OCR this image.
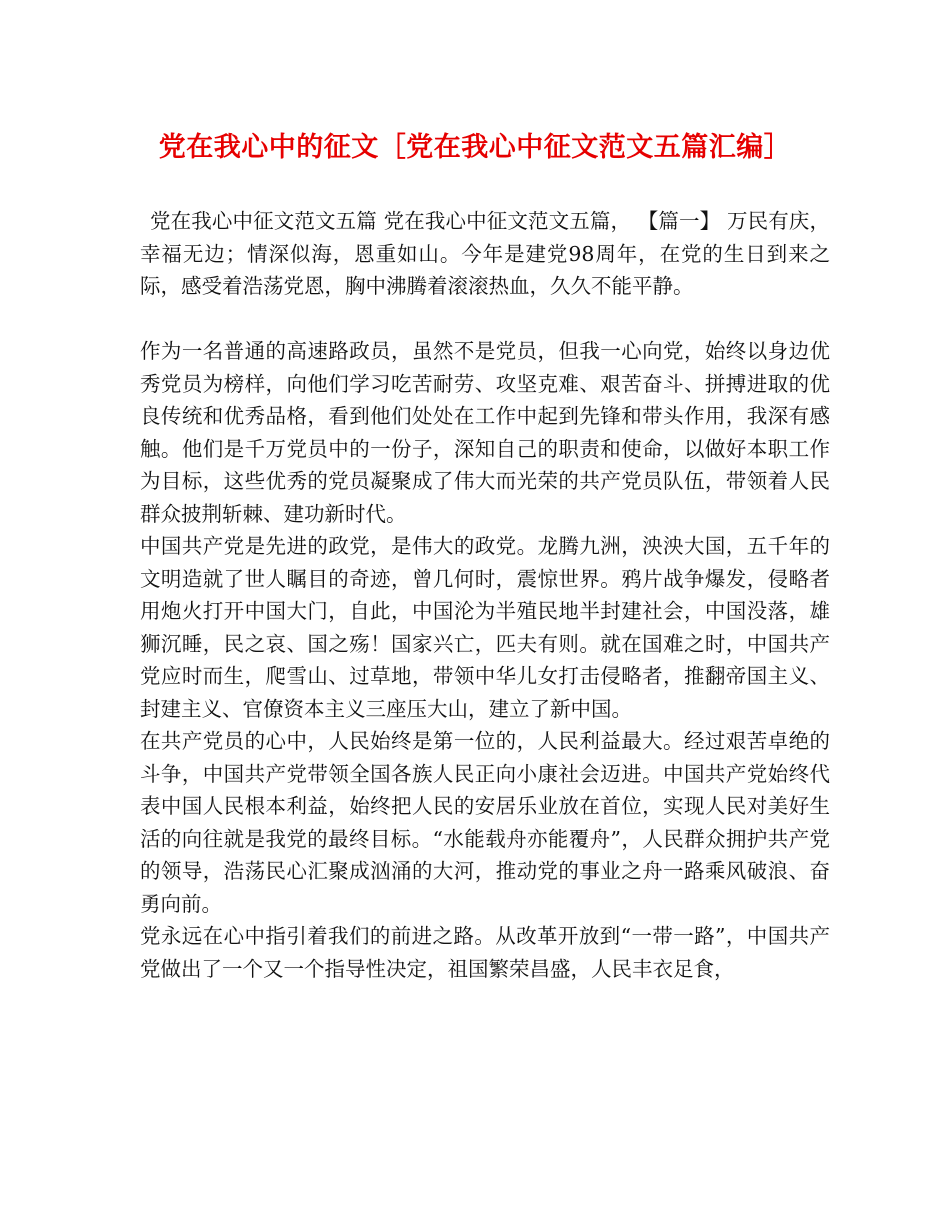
党在我心中的征文［党在我心中征文范文五篇汇编］

党在我心中征文范文五篇 党在我心中征文范文五篇， 【篇一】 万民有庆，幸福无边；情深似海，恩重如山。今年是建党98周年，在党的生日到来之际，感受着浩荡党恩，胸中沸腾着滚滚热血，久久不能平静。

作为一名普通的高速路政员，虽然不是党员，但我一心向党，始终以身边优秀党员为榜样，向他们学习吃苦耐劳、攻坚克难、艰苦奋斗、拼搏进取的优良传统和优秀品格，看到他们处处在工作中起到先锋和带头作用，我深有感触。他们是千万党员中的一份子，深知自己的职责和使命，以做好本职工作为目标，这些优秀的党员凝聚成了伟大而光荣的共产党员队伍，带领着人民群众披荆斩棘、建功新时代。

中国共产党是先进的政党，是伟大的政党。龙腾九洲，泱泱大国，五千年的文明造就了世人瞩目的奇迹，曾几何时，震惊世界。鸦片战争爆发，侵略者用炮火打开中国大门，自此，中国沦为半殖民地半封建社会，中国没落，雄狮沉睡，民之哀、国之殇！国家兴亡，匹夫有则。就在国难之时，中国共产党应时而生，爬雪山、过草地，带领中华儿女打击侵略者，推翻帝国主义、封建主义、官僚资本主义三座压大山，建立了新中国。

在共产党员的心中，人民始终是第一位的，人民利益最大。经过艰苦卓绝的斗争，中国共产党带领全国各族人民正向小康社会迈进。中国共产党始终代表中国人民根本利益，始终把人民的安居乐业放在首位，实现人民对美好生活的向往就是我党的最终目标。“水能载舟亦能覆舟”，人民群众拥护共产党的领导，浩荡民心汇聚成汹涌的大河，推动党的事业之舟一路乘风破浪、奋勇向前。

党永远在心中指引着我们的前进之路。从改革开放到“一带一路”，中国共产党做出了一个又一个指导性决定，祖国繁荣昌盛，人民丰衣足食，
